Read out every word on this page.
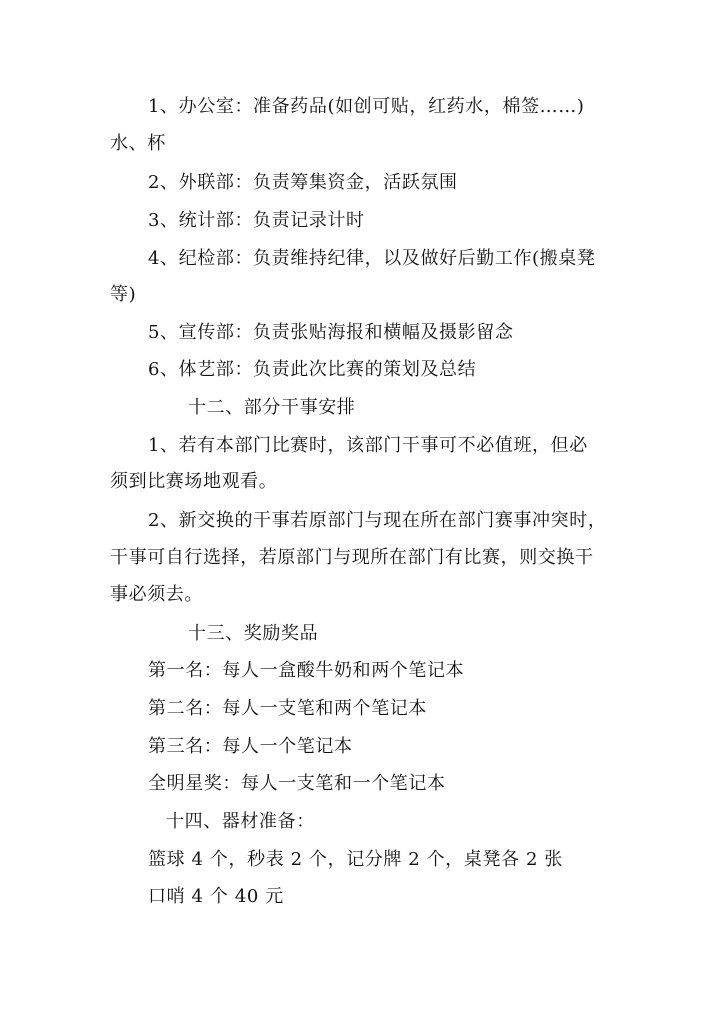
1、办公室：准备药品(如创可贴，红药水，棉签……)
水、杯
2、外联部：负责筹集资金，活跃氛围
3、统计部：负责记录计时
4、纪检部：负责维持纪律，以及做好后勤工作(搬桌凳
等)
5、宣传部：负责张贴海报和横幅及摄影留念
6、体艺部：负责此次比赛的策划及总结
十二、部分干事安排
1、若有本部门比赛时，该部门干事可不必值班，但必
须到比赛场地观看。
2、新交换的干事若原部门与现在所在部门赛事冲突时，
干事可自行选择，若原部门与现所在部门有比赛，则交换干
事必须去。
十三、奖励奖品
第一名：每人一盒酸牛奶和两个笔记本
第二名：每人一支笔和两个笔记本
第三名：每人一个笔记本
全明星奖：每人一支笔和一个笔记本
十四、器材准备：
篮球 4 个，秒表 2 个，记分牌 2 个，桌凳各 2 张
口哨 4 个 40 元
